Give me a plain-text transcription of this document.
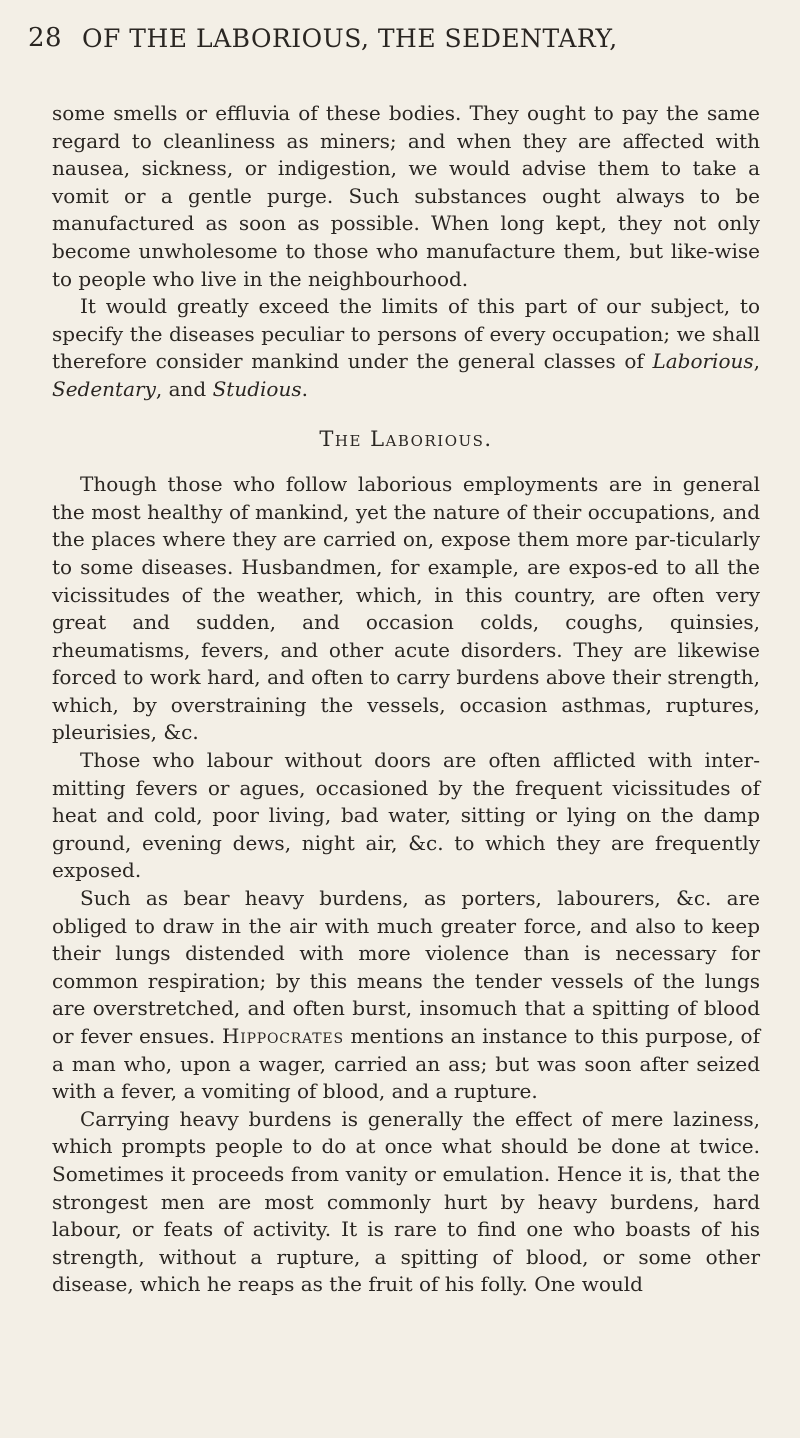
28 OF THE LABORIOUS, THE SEDENTARY,

some smells or effluvia of these bodies. They ought to pay the same regard to cleanliness as miners; and when they are affected with nausea, sickness, or indigestion, we would advise them to take a vomit or a gentle purge. Such substances ought always to be manufactured as soon as possible. When long kept, they not only become unwholesome to those who manufacture them, but like-wise to people who live in the neighbourhood.

It would greatly exceed the limits of this part of our subject, to specify the diseases peculiar to persons of every occupation; we shall therefore consider mankind under the general classes of Laborious, Sedentary, and Studious.

The Laborious.

Though those who follow laborious employments are in general the most healthy of mankind, yet the nature of their occupations, and the places where they are carried on, expose them more par-ticularly to some diseases. Husbandmen, for example, are expos-ed to all the vicissitudes of the weather, which, in this country, are often very great and sudden, and occasion colds, coughs, quinsies, rheumatisms, fevers, and other acute disorders. They are likewise forced to work hard, and often to carry burdens above their strength, which, by overstraining the vessels, occasion asthmas, ruptures, pleurisies, &c.

Those who labour without doors are often afflicted with inter-mitting fevers or agues, occasioned by the frequent vicissitudes of heat and cold, poor living, bad water, sitting or lying on the damp ground, evening dews, night air, &c. to which they are frequently exposed.

Such as bear heavy burdens, as porters, labourers, &c. are obliged to draw in the air with much greater force, and also to keep their lungs distended with more violence than is necessary for common respiration; by this means the tender vessels of the lungs are overstretched, and often burst, insomuch that a spitting of blood or fever ensues. Hippocrates mentions an instance to this purpose, of a man who, upon a wager, carried an ass; but was soon after seized with a fever, a vomiting of blood, and a rupture.

Carrying heavy burdens is generally the effect of mere laziness, which prompts people to do at once what should be done at twice. Sometimes it proceeds from vanity or emulation. Hence it is, that the strongest men are most commonly hurt by heavy burdens, hard labour, or feats of activity. It is rare to find one who boasts of his strength, without a rupture, a spitting of blood, or some other disease, which he reaps as the fruit of his folly. One would
